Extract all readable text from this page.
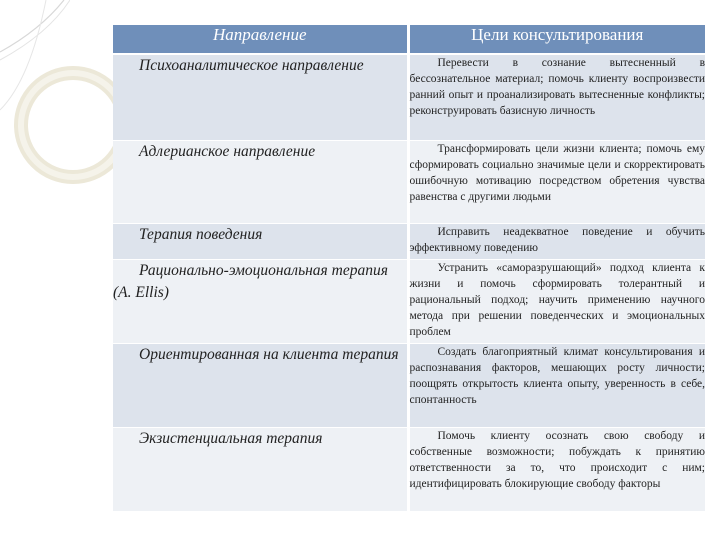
Направление	Цели консультирования
Психоаналитическое направление	Перевести в сознание вытесненный в бессознательное материал; помочь клиенту воспроизвести ранний опыт и проанализировать вытесненные конфликты; реконструировать базисную личность
Адлерианское направление	Трансформировать цели жизни клиента; помочь ему сформировать социально значимые цели и скорректировать ошибочную мотивацию посредством обретения чувства равенства с другими людьми
Терапия поведения	Исправить неадекватное поведение и обучить эффективному поведению
Рационально-эмоциональная терапия (A. Ellis)	Устранить «саморазрушающий» подход клиента к жизни и помочь сформировать толерантный и рациональный подход; научить применению научного метода при решении поведенческих и эмоциональных проблем
Ориентированная на клиента терапия	Создать благоприятный климат консультирования и распознавания факторов, мешающих росту личности; поощрять открытость клиента опыту, уверенность в себе, спонтанность
Экзистенциальная терапия	Помочь клиенту осознать свою свободу и собственные возможности; побуждать к принятию ответственности за то, что происходит с ним; идентифицировать блокирующие свободу факторы
